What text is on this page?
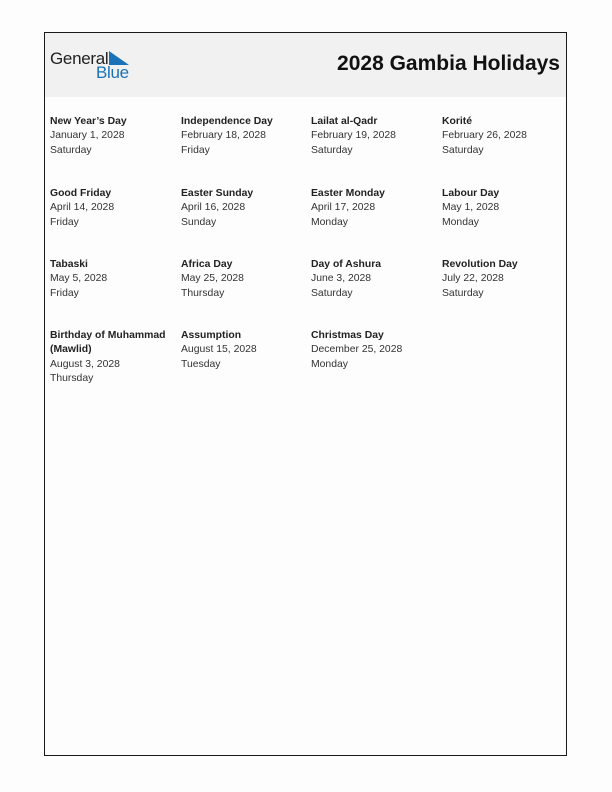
General
Blue	2028 Gambia Holidays
New Year’s Day
January 1, 2028
Saturday
Independence Day
February 18, 2028
Friday
Lailat al-Qadr
February 19, 2028
Saturday
Korité
February 26, 2028
Saturday
Good Friday
April 14, 2028
Friday
Easter Sunday
April 16, 2028
Sunday
Easter Monday
April 17, 2028
Monday
Labour Day
May 1, 2028
Monday
Tabaski
May 5, 2028
Friday
Africa Day
May 25, 2028
Thursday
Day of Ashura
June 3, 2028
Saturday
Revolution Day
July 22, 2028
Saturday
Birthday of Muhammad (Mawlid)
August 3, 2028
Thursday
Assumption
August 15, 2028
Tuesday
Christmas Day
December 25, 2028
Monday
